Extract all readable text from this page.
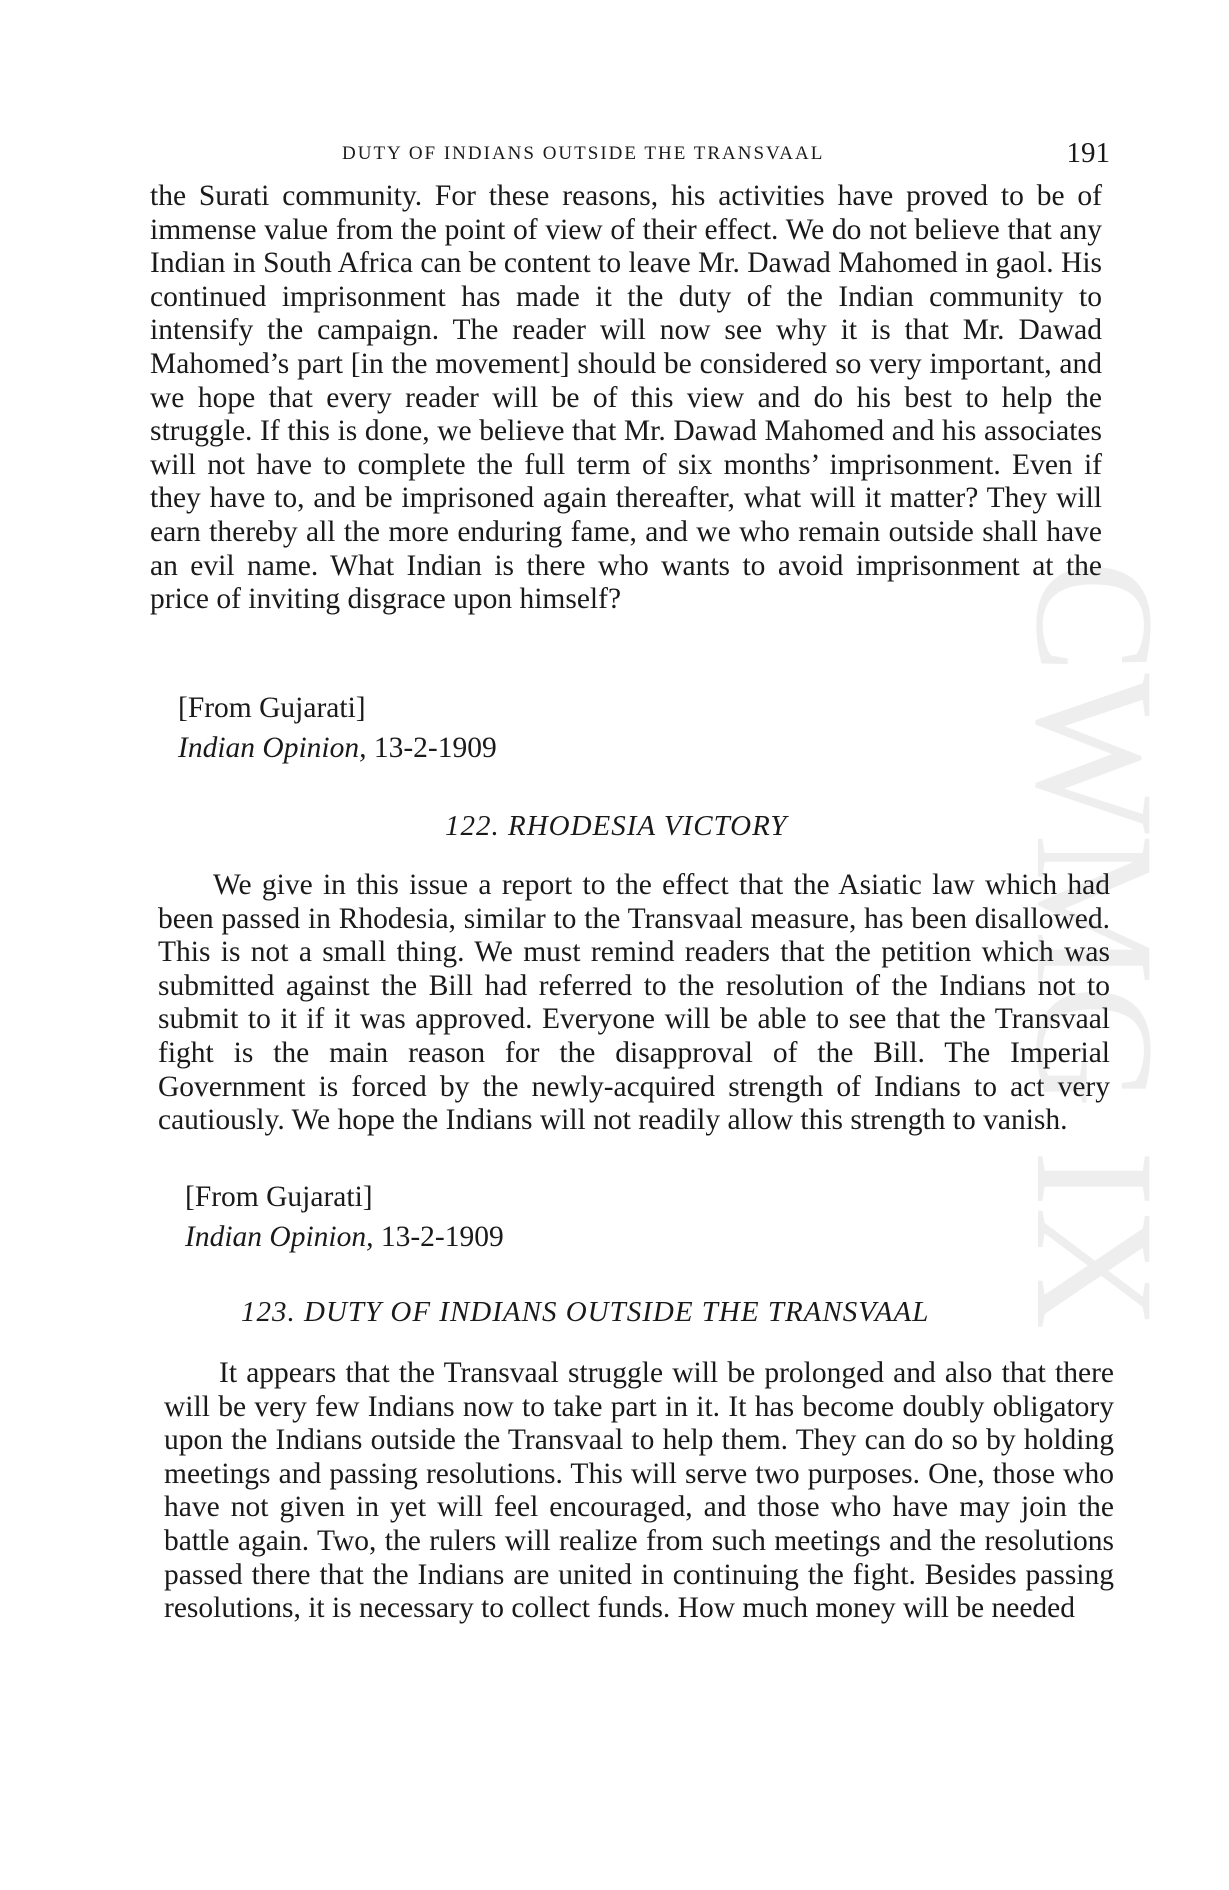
CWMG IX
DUTY OF INDIANS OUTSIDE THE TRANSVAAL	191

the Surati community. For these reasons, his activities have proved to be of immense value from the point of view of their effect. We do not believe that any Indian in South Africa can be content to leave Mr. Dawad Mahomed in gaol. His continued imprisonment has made it the duty of the Indian community to intensify the campaign. The reader will now see why it is that Mr. Dawad Mahomed’s part [in the movement] should be considered so very important, and we hope that every reader will be of this view and do his best to help the struggle. If this is done, we believe that Mr. Dawad Mahomed and his associates will not have to complete the full term of six months’ imprisonment. Even if they have to, and be imprisoned again thereafter, what will it matter? They will earn thereby all the more enduring fame, and we who remain outside shall have an evil name. What Indian is there who wants to avoid imprisonment at the price of inviting disgrace upon himself?

[From Gujarati]
Indian Opinion, 13-2-1909
122. RHODESIA VICTORY

We give in this issue a report to the effect that the Asiatic law which had been passed in Rhodesia, similar to the Transvaal measure, has been disallowed. This is not a small thing. We must remind readers that the petition which was submitted against the Bill had referred to the resolution of the Indians not to submit to it if it was approved. Everyone will be able to see that the Transvaal fight is the main reason for the disapproval of the Bill. The Imperial Government is forced by the newly-acquired strength of Indians to act very cautiously. We hope the Indians will not readily allow this strength to vanish.

[From Gujarati]
Indian Opinion, 13-2-1909
123. DUTY OF INDIANS OUTSIDE THE TRANSVAAL

It appears that the Transvaal struggle will be prolonged and also that there will be very few Indians now to take part in it. It has become doubly obligatory upon the Indians outside the Transvaal to help them. They can do so by holding meetings and passing resolutions. This will serve two purposes. One, those who have not given in yet will feel encouraged, and those who have may join the battle again. Two, the rulers will realize from such meetings and the resolutions passed there that the Indians are united in continuing the fight. Besides passing resolutions, it is necessary to collect funds. How much money will be needed
